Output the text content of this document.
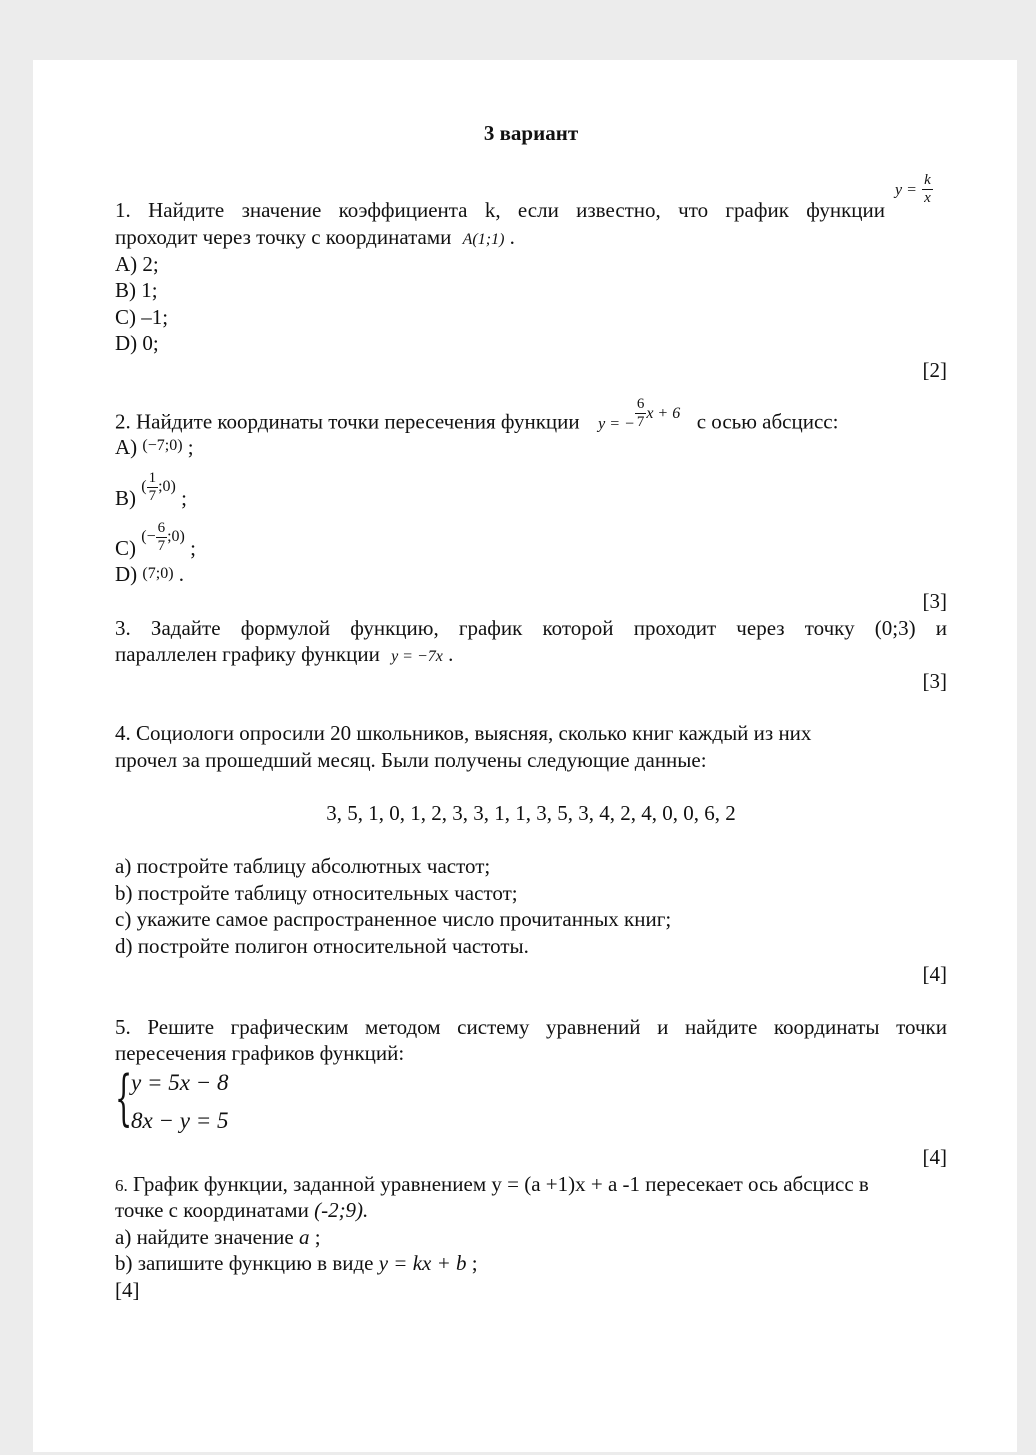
3 вариант
1. Найдите значение коэффициента k, если известно, что график функции
$y = \frac{k}{x}$
проходит через точку с координатами A(1;1) .
A) 2;
B) 1;
C) –1;
D) 0;
[2]
2. Найдите координаты точки пересечения функции y = − $\frac{6}{7} ^{x + 6}$ с осью абсцисс:
A) (−7;0) ;
B) ( $\frac{1}{7}$ ;0) ;
C) (− $\frac{6}{7}$ ;0) ;
D) (7;0) .
[3]
3. Задайте формулой функцию, график которой проходит через точку (0;3) и
параллелен графику функции y = −7x .
[3]
4. Социологи опросили 20 школьников, выясняя, сколько книг каждый из них
прочел за прошедший месяц. Были получены следующие данные:
3, 5, 1, 0, 1, 2, 3, 3, 1, 1, 3, 5, 3, 4, 2, 4, 0, 0, 6, 2
a) постройте таблицу абсолютных частот;
b) постройте таблицу относительных частот;
c) укажите самое распространенное число прочитанных книг;
d) постройте полигон относительной частоты.
[4]
5. Решите графическим методом систему уравнений и найдите координаты точки
пересечения графиков функций:
{
y = 5x − 8
8x − y = 5
[4]
6. График функции, заданной уравнением y = (a +1)x + a -1 пересекает ось абсцисс в
точке с координатами (-2;9).
a) найдите значение a ;
b) запишите функцию в виде y = kx + b ;
[4]
